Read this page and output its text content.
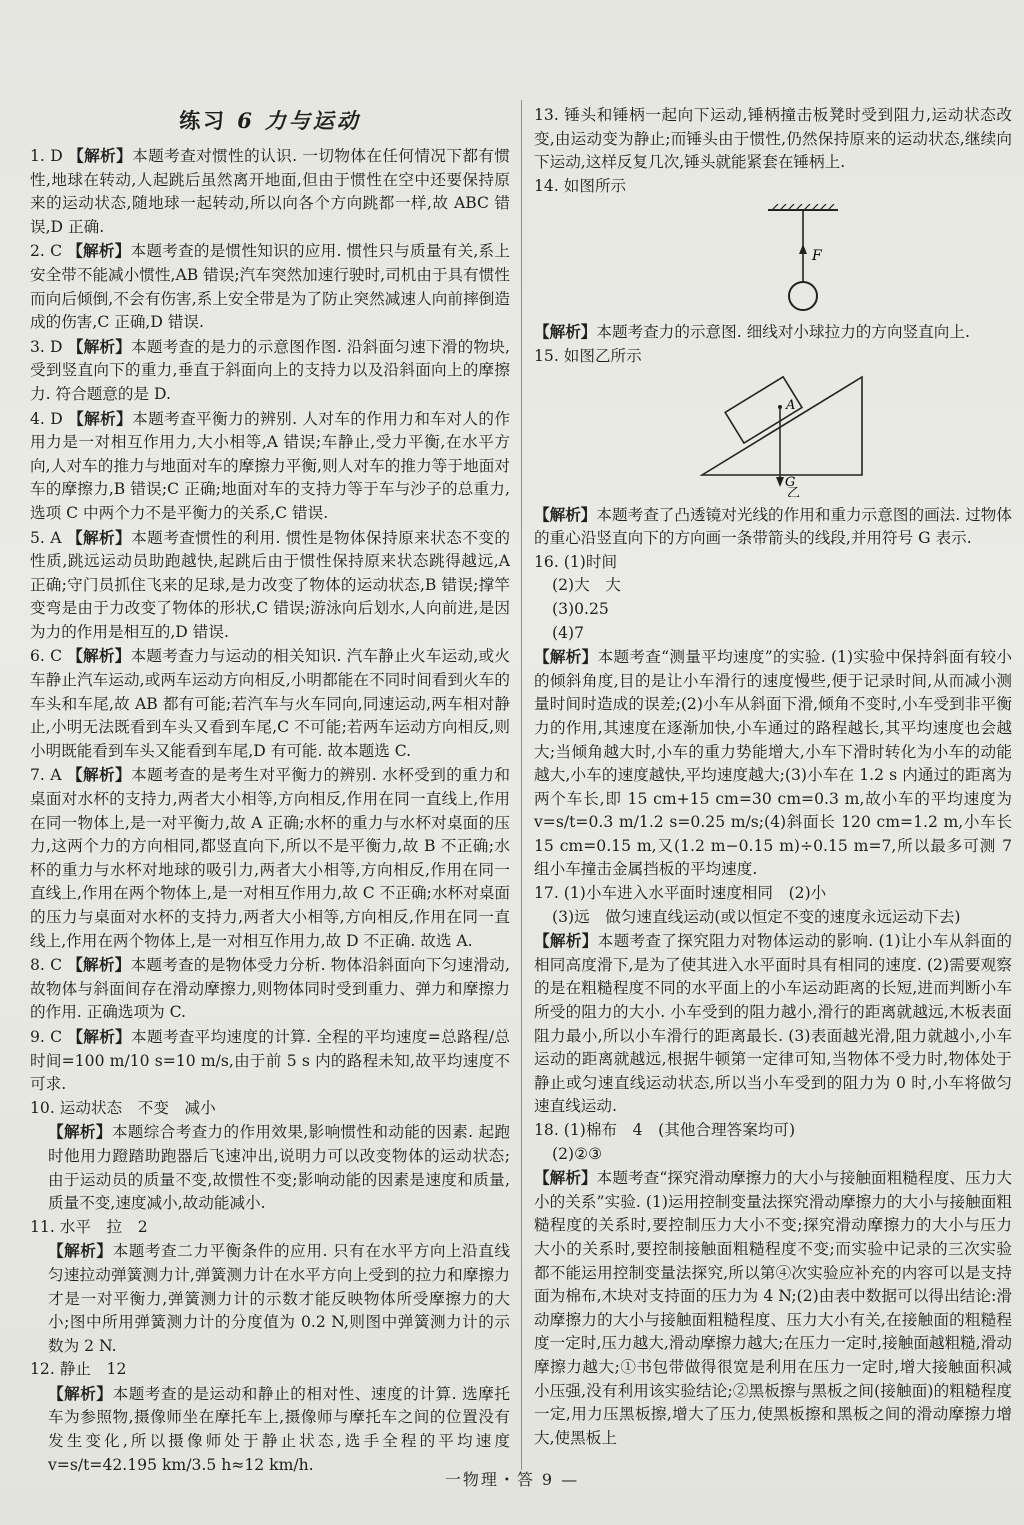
练习 6 力与运动

1. D 【解析】本题考查对惯性的认识. 一切物体在任何情况下都有惯性,地球在转动,人起跳后虽然离开地面,但由于惯性在空中还要保持原来的运动状态,随地球一起转动,所以向各个方向跳都一样,故 ABC 错误,D 正确.

2. C 【解析】本题考查的是惯性知识的应用. 惯性只与质量有关,系上安全带不能减小惯性,AB 错误;汽车突然加速行驶时,司机由于具有惯性而向后倾倒,不会有伤害,系上安全带是为了防止突然减速人向前摔倒造成的伤害,C 正确,D 错误.

3. D 【解析】本题考查的是力的示意图作图. 沿斜面匀速下滑的物块,受到竖直向下的重力,垂直于斜面向上的支持力以及沿斜面向上的摩擦力. 符合题意的是 D.

4. D 【解析】本题考查平衡力的辨别. 人对车的作用力和车对人的作用力是一对相互作用力,大小相等,A 错误;车静止,受力平衡,在水平方向,人对车的推力与地面对车的摩擦力平衡,则人对车的推力等于地面对车的摩擦力,B 错误;C 正确;地面对车的支持力等于车与沙子的总重力,选项 C 中两个力不是平衡力的关系,C 错误.

5. A 【解析】本题考查惯性的利用. 惯性是物体保持原来状态不变的性质,跳远运动员助跑越快,起跳后由于惯性保持原来状态跳得越远,A 正确;守门员抓住飞来的足球,是力改变了物体的运动状态,B 错误;撑竿变弯是由于力改变了物体的形状,C 错误;游泳向后划水,人向前进,是因为力的作用是相互的,D 错误.

6. C 【解析】本题考查力与运动的相关知识. 汽车静止火车运动,或火车静止汽车运动,或两车运动方向相反,小明都能在不同时间看到火车的车头和车尾,故 AB 都有可能;若汽车与火车同向,同速运动,两车相对静止,小明无法既看到车头又看到车尾,C 不可能;若两车运动方向相反,则小明既能看到车头又能看到车尾,D 有可能. 故本题选 C.

7. A 【解析】本题考查的是考生对平衡力的辨别. 水杯受到的重力和桌面对水杯的支持力,两者大小相等,方向相反,作用在同一直线上,作用在同一物体上,是一对平衡力,故 A 正确;水杯的重力与水杯对桌面的压力,这两个力的方向相同,都竖直向下,所以不是平衡力,故 B 不正确;水杯的重力与水杯对地球的吸引力,两者大小相等,方向相反,作用在同一直线上,作用在两个物体上,是一对相互作用力,故 C 不正确;水杯对桌面的压力与桌面对水杯的支持力,两者大小相等,方向相反,作用在同一直线上,作用在两个物体上,是一对相互作用力,故 D 不正确. 故选 A.

8. C 【解析】本题考查的是物体受力分析. 物体沿斜面向下匀速滑动,故物体与斜面间存在滑动摩擦力,则物体同时受到重力、弹力和摩擦力的作用. 正确选项为 C.

9. C 【解析】本题考查平均速度的计算. 全程的平均速度=总路程/总时间=100 m/10 s=10 m/s,由于前 5 s 内的路程未知,故平均速度不可求.

10. 运动状态　不变　减小
【解析】本题综合考查力的作用效果,影响惯性和动能的因素. 起跑时他用力蹬踏助跑器后飞速冲出,说明力可以改变物体的运动状态;由于运动员的质量不变,故惯性不变;影响动能的因素是速度和质量,质量不变,速度减小,故动能减小.

11. 水平　拉　2
【解析】本题考查二力平衡条件的应用. 只有在水平方向上沿直线匀速拉动弹簧测力计,弹簧测力计在水平方向上受到的拉力和摩擦力才是一对平衡力,弹簧测力计的示数才能反映物体所受摩擦力的大小;图中所用弹簧测力计的分度值为 0.2 N,则图中弹簧测力计的示数为 2 N.

12. 静止　12
【解析】本题考查的是运动和静止的相对性、速度的计算. 选摩托车为参照物,摄像师坐在摩托车上,摄像师与摩托车之间的位置没有发生变化,所以摄像师处于静止状态,选手全程的平均速度 v=s/t=42.195 km/3.5 h≈12 km/h.

13. 锤头和锤柄一起向下运动,锤柄撞击板凳时受到阻力,运动状态改变,由运动变为静止;而锤头由于惯性,仍然保持原来的运动状态,继续向下运动,这样反复几次,锤头就能紧套在锤柄上.

14. 如图所示

F

【解析】本题考查力的示意图. 细线对小球拉力的方向竖直向上.

15. 如图乙所示

A
G
乙

【解析】本题考查了凸透镜对光线的作用和重力示意图的画法. 过物体的重心沿竖直向下的方向画一条带箭头的线段,并用符号 G 表示.

16. (1)时间
(2)大　大
(3)0.25
(4)7

【解析】本题考查“测量平均速度”的实验. (1)实验中保持斜面有较小的倾斜角度,目的是让小车滑行的速度慢些,便于记录时间,从而减小测量时间时造成的误差;(2)小车从斜面下滑,倾角不变时,小车受到非平衡力的作用,其速度在逐渐加快,小车通过的路程越长,其平均速度也会越大;当倾角越大时,小车的重力势能增大,小车下滑时转化为小车的动能越大,小车的速度越快,平均速度越大;(3)小车在 1.2 s 内通过的距离为两个车长,即 15 cm+15 cm=30 cm=0.3 m,故小车的平均速度为 v=s/t=0.3 m/1.2 s=0.25 m/s;(4)斜面长 120 cm=1.2 m,小车长 15 cm=0.15 m,又(1.2 m−0.15 m)÷0.15 m=7,所以最多可测 7 组小车撞击金属挡板的平均速度.

17. (1)小车进入水平面时速度相同　(2)小
(3)远　做匀速直线运动(或以恒定不变的速度永远运动下去)

【解析】本题考查了探究阻力对物体运动的影响. (1)让小车从斜面的相同高度滑下,是为了使其进入水平面时具有相同的速度. (2)需要观察的是在粗糙程度不同的水平面上的小车运动距离的长短,进而判断小车所受的阻力的大小. 小车受到的阻力越小,滑行的距离就越远,木板表面阻力最小,所以小车滑行的距离最长. (3)表面越光滑,阻力就越小,小车运动的距离就越远,根据牛顿第一定律可知,当物体不受力时,物体处于静止或匀速直线运动状态,所以当小车受到的阻力为 0 时,小车将做匀速直线运动.

18. (1)棉布　4　(其他合理答案均可)
(2)②③

【解析】本题考查“探究滑动摩擦力的大小与接触面粗糙程度、压力大小的关系”实验. (1)运用控制变量法探究滑动摩擦力的大小与接触面粗糙程度的关系时,要控制压力大小不变;探究滑动摩擦力的大小与压力大小的关系时,要控制接触面粗糙程度不变;而实验中记录的三次实验都不能运用控制变量法探究,所以第④次实验应补充的内容可以是支持面为棉布,木块对支持面的压力为 4 N;(2)由表中数据可以得出结论:滑动摩擦力的大小与接触面粗糙程度、压力大小有关,在接触面的粗糙程度一定时,压力越大,滑动摩擦力越大;在压力一定时,接触面越粗糙,滑动摩擦力越大;①书包带做得很宽是利用在压力一定时,增大接触面积减小压强,没有利用该实验结论;②黑板擦与黑板之间(接触面)的粗糙程度一定,用力压黑板擦,增大了压力,使黑板擦和黑板之间的滑动摩擦力增大,使黑板上

一物理・答 9 —
